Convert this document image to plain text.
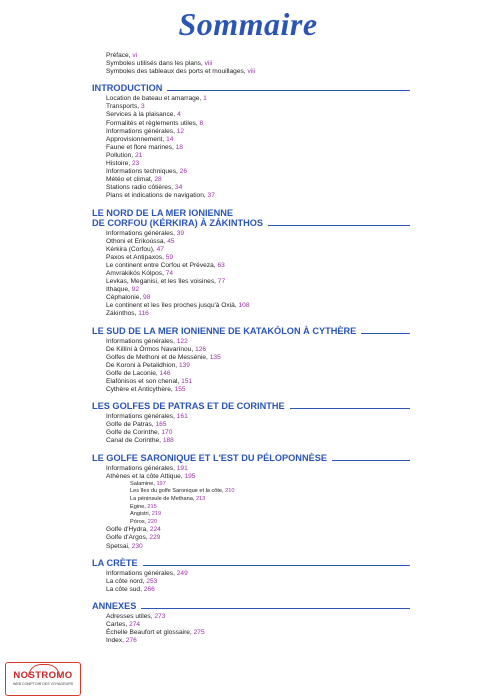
Sommaire
Préface, vi
Symboles utilisés dans les plans, viii
Symboles des tableaux des ports et mouillages, viii
INTRODUCTION
Location de bateau et amarrage, 1
Transports, 3
Services à la plaisance, 4
Formalités et règlements utiles, 8
Informations générales, 12
Approvisionnement, 14
Faune et flore marines, 18
Pollution, 21
Histoire, 23
Informations techniques, 26
Météo et climat, 28
Stations radio côtières, 34
Plans et indications de navigation, 37
LE NORD DE LA MER IONIENNE
DE CORFOU (KÉRKIRA) À ZÁKINTHOS
Informations générales, 39
Othoni et Erikoússa, 45
Kérkira (Corfou), 47
Paxos et Antipaxos, 59
Le continent entre Corfou et Préveza, 63
Amvrakikós Kólpos, 74
Levkas, Meganisi, et les îles voisines, 77
Ithaque, 92
Céphalonie, 98
Le continent et les îles proches jusqu'à Oxiá, 108
Zákinthos, 116
LE SUD DE LA MER IONIENNE DE KATAKÓLON À CYTHÈRE
Informations générales, 122
De Killíni à Órmos Navarínou, 126
Golfes de Methoni et de Messénie, 135
De Koroni à Petalidhion, 139
Golfe de Laconie, 146
Elafónisos et son chenal, 151
Cythère et Anticythère, 155
LES GOLFES DE PATRAS ET DE CORINTHE
Informations générales, 161
Golfe de Patras, 165
Golfe de Corinthe, 170
Canal de Corinthe, 188
LE GOLFE SARONIQUE ET L'EST DU PÉLOPONNÈSE
Informations générales, 191
Athènes et la côte Attique, 195
Salamine, 197
Les îles du golfe Saronique et la côte, 210
La péninsule de Methana, 213
Egine, 215
Angistri, 219
Póros, 220
Golfe d'Hydra, 224
Golfe d'Argos, 229
Spetsai, 230
LA CRÈTE
Informations générales, 249
La côte nord, 253
La côte sud, 266
ANNEXES
Adresses utiles, 273
Cartes, 274
Échelle Beaufort et glossaire, 275
Index, 276
NOSTROMO
WEB COMPTOIR DES VOYAGEURS
